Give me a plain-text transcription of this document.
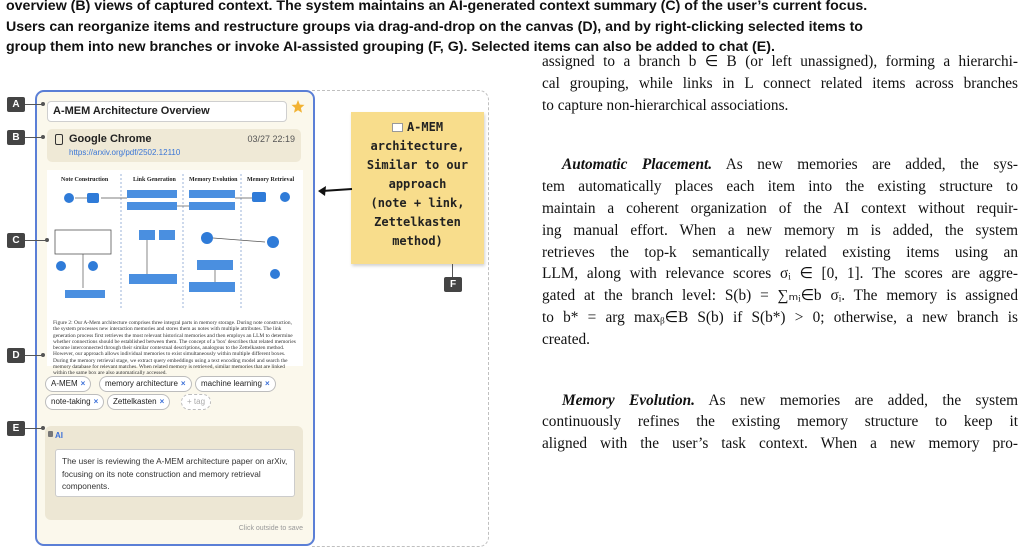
overview (B) views of captured context. The system maintains an AI-generated context summary (C) of the user’s current focus.
Users can reorganize items and restructure groups via drag-and-drop on the canvas (D), and by right-clicking selected items to
group them into new branches or invoke AI-assisted grouping (F, G). Selected items can also be added to chat (E).
A-MEM Architecture Overview
Google Chrome	03/27 22:19
https://arxiv.org/pdf/2502.12110
Note Construction	Link Generation Memory Evolution Memory Retrieval
Figure 2: Our A-Mem architecture comprises three integral parts in memory storage. During note construction, the system processes new interaction memories and stores them as notes with multiple attributes. The link generation process first retrieves the most relevant historical memories and then employs an LLM to determine whether connections should be established between them. The concept of a 'box' describes that related memories become interconnected through their similar contextual descriptions, analogous to the Zettelkasten method. However, our approach allows individual memories to exist simultaneously within multiple different boxes. During the memory retrieval stage, we extract query embeddings using a text encoding model and search the memory database for relevant matches. When related memory is retrieved, similar memories that are linked within the same box are also automatically accessed.
A-MEM ×	memory architecture ×	machine learning ×
note-taking ×	Zettelkasten ×	+ tag
AI
The user is reviewing the A-MEM architecture paper on arXiv, focusing on its note construction and memory retrieval components.
Click outside to save
A
B
C
D
E
A-MEM
architecture,
Similar to our
approach
(note + link,
Zettelkasten
method)
F

assigned to a branch b ∈ B (or left unassigned), forming a hierarchi-

cal grouping, while links in L connect related items across branches

to capture non-hierarchical associations.

Automatic Placement. As new memories are added, the sys-

tem automatically places each item into the existing structure to

maintain a coherent organization of the AI context without requir-

ing manual effort. When a new memory m is added, the system

retrieves the top-k semantically related existing items using an

LLM, along with relevance scores σᵢ ∈ [0, 1]. The scores are aggre-

gated at the branch level: S(b) = ∑ₘᵢ∈b σᵢ. The memory is assigned

to b* = arg maxᵦ∈B S(b) if S(b*) > 0; otherwise, a new branch is

created.

Memory Evolution. As new memories are added, the system

continuously refines the existing memory structure to keep it

aligned with the user’s task context. When a new memory pro-
